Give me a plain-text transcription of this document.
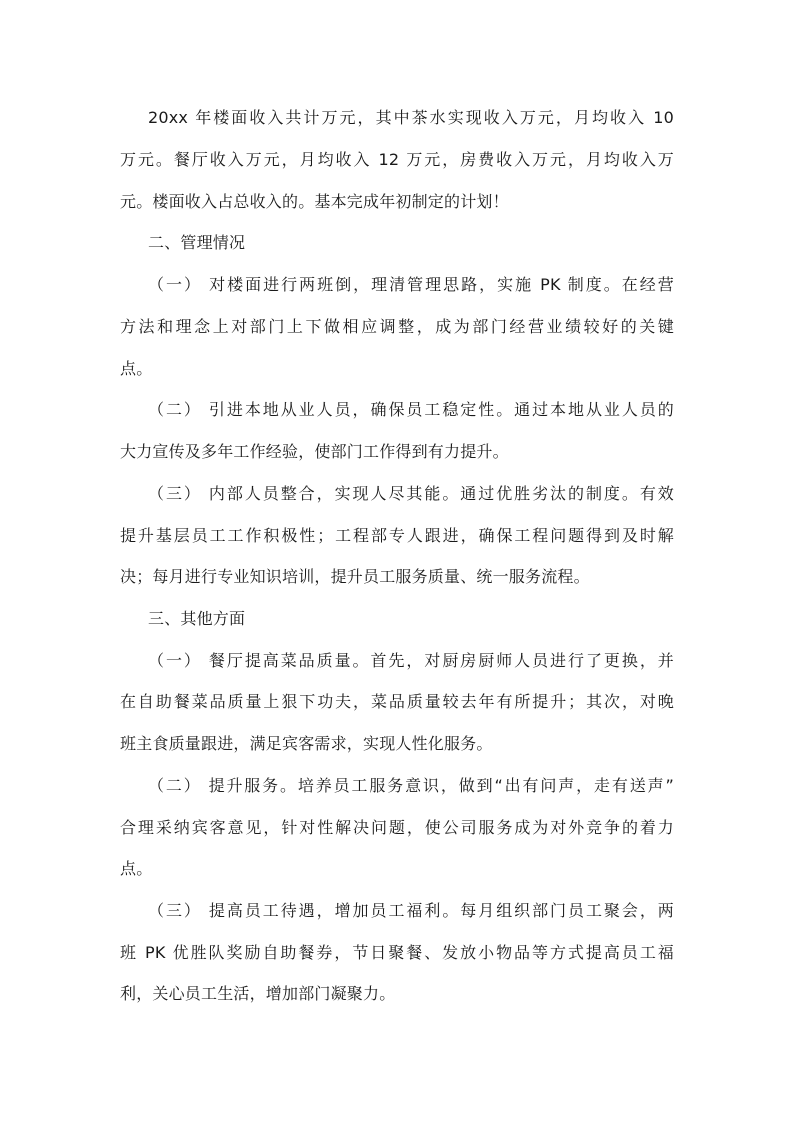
20xx 年楼面收入共计万元，其中茶水实现收入万元，月均收入 10
万元。餐厅收入万元，月均收入 12 万元，房费收入万元，月均收入万
元。楼面收入占总收入的。基本完成年初制定的计划！
二、管理情况
（一） 对楼面进行两班倒，理清管理思路，实施 PK 制度。在经营
方法和理念上对部门上下做相应调整，成为部门经营业绩较好的关键
点。
（二） 引进本地从业人员，确保员工稳定性。通过本地从业人员的
大力宣传及多年工作经验，使部门工作得到有力提升。
（三） 内部人员整合，实现人尽其能。通过优胜劣汰的制度。有效
提升基层员工工作积极性；工程部专人跟进，确保工程问题得到及时解
决；每月进行专业知识培训，提升员工服务质量、统一服务流程。
三、其他方面
（一） 餐厅提高菜品质量。首先，对厨房厨师人员进行了更换，并
在自助餐菜品质量上狠下功夫，菜品质量较去年有所提升；其次，对晚
班主食质量跟进，满足宾客需求，实现人性化服务。
（二） 提升服务。培养员工服务意识，做到“出有问声，走有送声”
合理采纳宾客意见，针对性解决问题，使公司服务成为对外竞争的着力
点。
（三） 提高员工待遇，增加员工福利。每月组织部门员工聚会，两
班 PK 优胜队奖励自助餐券，节日聚餐、发放小物品等方式提高员工福
利，关心员工生活，增加部门凝聚力。
